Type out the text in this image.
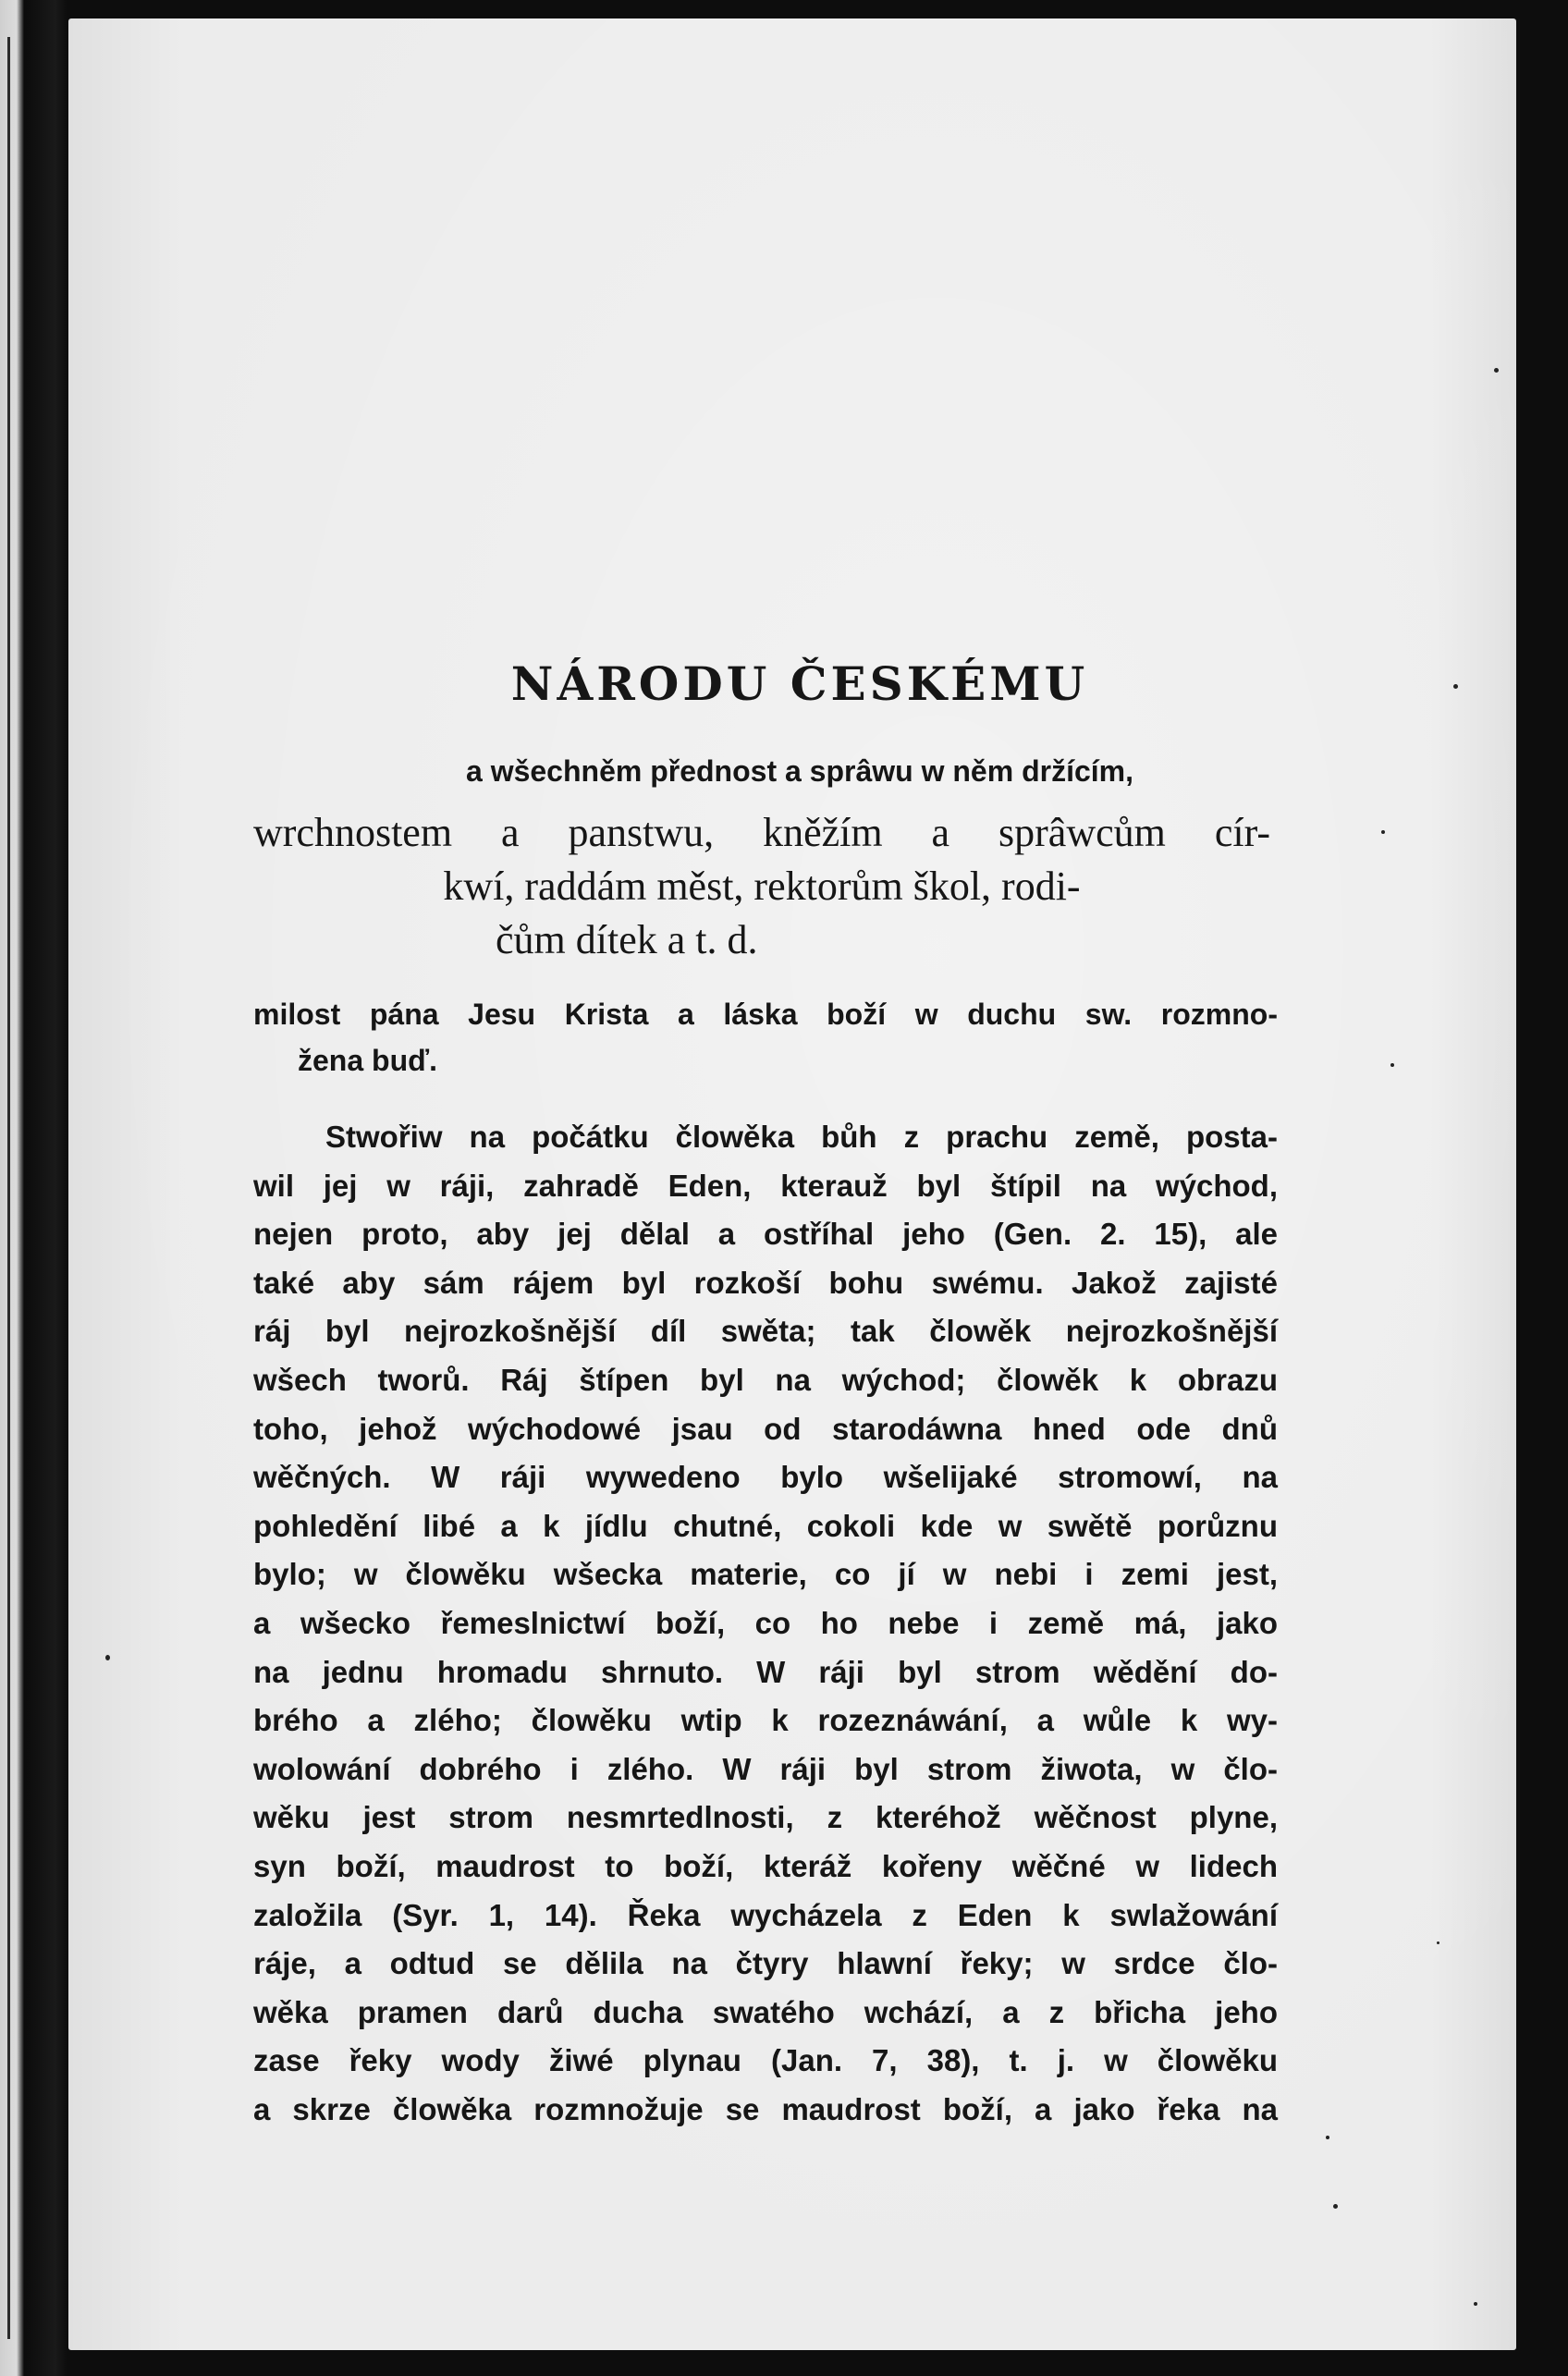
NÁRODU ČESKÉMU
a wšechněm přednost a sprâwu w něm držícím,
wrchnostem a panstwu, kněžím a sprâwcům cír-
kwí, raddám měst, rektorům škol, rodi-
čům dítek a t. d.
milost pána Jesu Krista a láska boží w duchu sw. rozmno-
žena buď.
Stwořiw na počátku člowěka bůh z prachu země, posta-
wil jej w ráji, zahradě Eden, kterauž byl štípil na wýchod,
nejen proto, aby jej dělal a ostříhal jeho (Gen. 2. 15), ale
také aby sám rájem byl rozkoší bohu swému. Jakož zajisté
ráj byl nejrozkošnější díl swěta; tak člowěk nejrozkošnější
wšech tworů. Ráj štípen byl na wýchod; člowěk k obrazu
toho, jehož wýchodowé jsau od starodáwna hned ode dnů
wěčných. W ráji wywedeno bylo wšelijaké stromowí, na
pohledění libé a k jídlu chutné, cokoli kde w swětě porůznu
bylo; w člowěku wšecka materie, co jí w nebi i zemi jest,
a wšecko řemeslnictwí boží, co ho nebe i země má, jako
na jednu hromadu shrnuto. W ráji byl strom wědění do-
brého a zlého; člowěku wtip k rozeznáwání, a wůle k wy-
wolowání dobrého i zlého. W ráji byl strom žiwota, w člo-
wěku jest strom nesmrtedlnosti, z kteréhož wěčnost plyne,
syn boží, maudrost to boží, kteráž kořeny wěčné w lidech
založila (Syr. 1, 14). Řeka wycházela z Eden k swlažowání
ráje, a odtud se dělila na čtyry hlawní řeky; w srdce člo-
wěka pramen darů ducha swatého wchází, a z břicha jeho
zase řeky wody žiwé plynau (Jan. 7, 38), t. j. w člowěku
a skrze člowěka rozmnožuje se maudrost boží, a jako řeka na
